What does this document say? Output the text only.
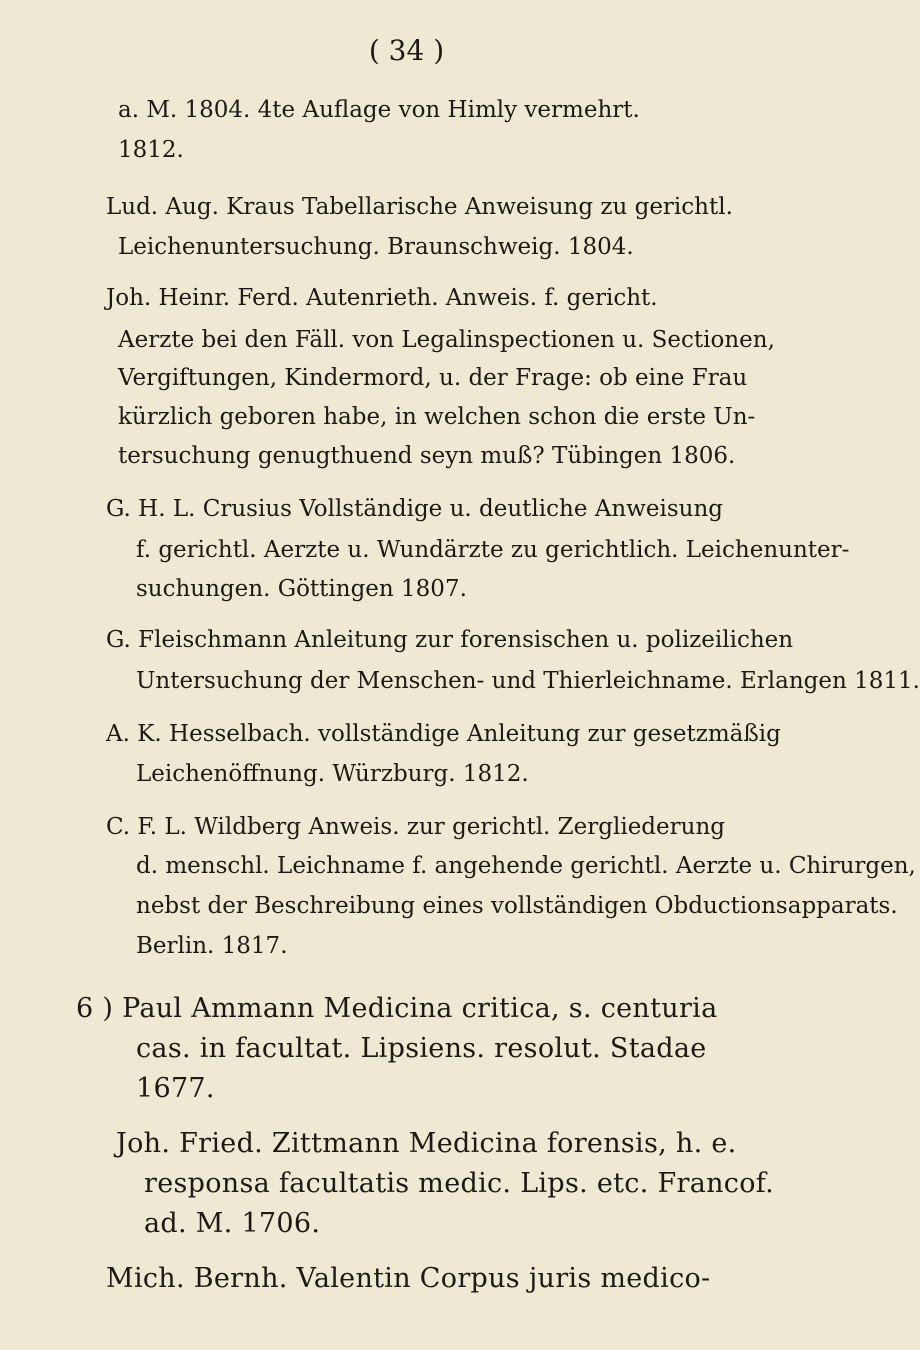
( 34 )
a. M. 1804. 4te Auflage von Himly vermehrt.
1812.
Lud. Aug. Kraus Tabellarische Anweisung zu gerichtl.
Leichenuntersuchung. Braunschweig. 1804.
Joh. Heinr. Ferd. Autenrieth. Anweis. f. gericht.
Aerzte bei den Fäll. von Legalinspectionen u. Sectionen,
Vergiftungen, Kindermord, u. der Frage: ob eine Frau
kürzlich geboren habe, in welchen schon die erste Un-
tersuchung genugthuend seyn muß? Tübingen 1806.
G. H. L. Crusius Vollständige u. deutliche Anweisung
f. gerichtl. Aerzte u. Wundärzte zu gerichtlich. Leichenunter-
suchungen. Göttingen 1807.
G. Fleischmann Anleitung zur forensischen u. polizeilichen
Untersuchung der Menschen- und Thierleichname. Erlangen 1811.
A. K. Hesselbach. vollständige Anleitung zur gesetzmäßig
Leichenöffnung. Würzburg. 1812.
C. F. L. Wildberg Anweis. zur gerichtl. Zergliederung
d. menschl. Leichname f. angehende gerichtl. Aerzte u. Chirurgen,
nebst der Beschreibung eines vollständigen Obductionsapparats.
Berlin. 1817.
6 ) Paul Ammann Medicina critica, s. centuria
cas. in facultat. Lipsiens. resolut. Stadae
1677.
Joh. Fried. Zittmann Medicina forensis, h. e.
responsa facultatis medic. Lips. etc. Francof.
ad. M. 1706.
Mich. Bernh. Valentin Corpus juris medico-
